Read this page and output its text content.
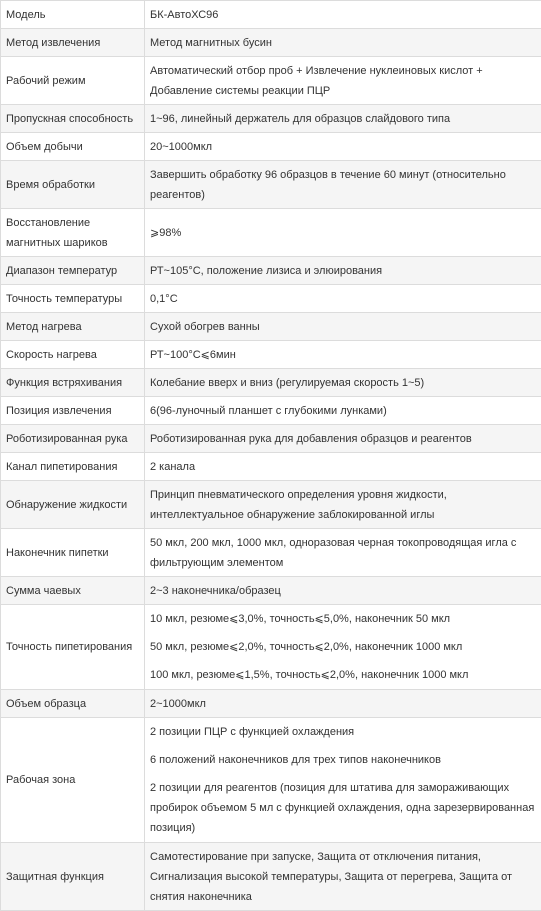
Модель	БК-АвтоХС96

Метод извлечения	Метод магнитных бусин

Рабочий режим	Автоматический отбор проб + Извлечение нуклеиновых кислот + Добавление системы реакции ПЦР

Пропускная способность	1~96, линейный держатель для образцов слайдового типа

Объем добычи	20~1000мкл

Время обработки	Завершить обработку 96 образцов в течение 60 минут (относительно реагентов)

Восстановление магнитных шариков	⩾98%

Диапазон температур	РТ~105°С, положение лизиса и элюирования

Точность температуры	0,1°C

Метод нагрева	Сухой обогрев ванны

Скорость нагрева	РТ~100°С⩽6мин

Функция встряхивания	Колебание вверх и вниз (регулируемая скорость 1~5)

Позиция извлечения	6(96-луночный планшет с глубокими лунками)

Роботизированная рука	Роботизированная рука для добавления образцов и реагентов

Канал пипетирования	2 канала

Обнаружение жидкости	Принцип пневматического определения уровня жидкости, интеллектуальное обнаружение заблокированной иглы

Наконечник пипетки	50 мкл, 200 мкл, 1000 мкл, одноразовая черная токопроводящая игла с фильтрующим элементом

Сумма чаевых	2~3 наконечника/образец

Точность пипетирования	10 мкл, резюме⩽3,0%, точность⩽5,0%, наконечник 50 мкл
50 мкл, резюме⩽2,0%, точность⩽2,0%, наконечник 1000 мкл
100 мкл, резюме⩽1,5%, точность⩽2,0%, наконечник 1000 мкл

Объем образца	2~1000мкл

Рабочая зона	2 позиции ПЦР с функцией охлаждения
6 положений наконечников для трех типов наконечников
2 позиции для реагентов (позиция для штатива для замораживающих пробирок объемом 5 мл с функцией охлаждения, одна зарезервированная позиция)

Защитная функция	Самотестирование при запуске, Защита от отключения питания, Сигнализация высокой температуры, Защита от перегрева, Защита от снятия наконечника
